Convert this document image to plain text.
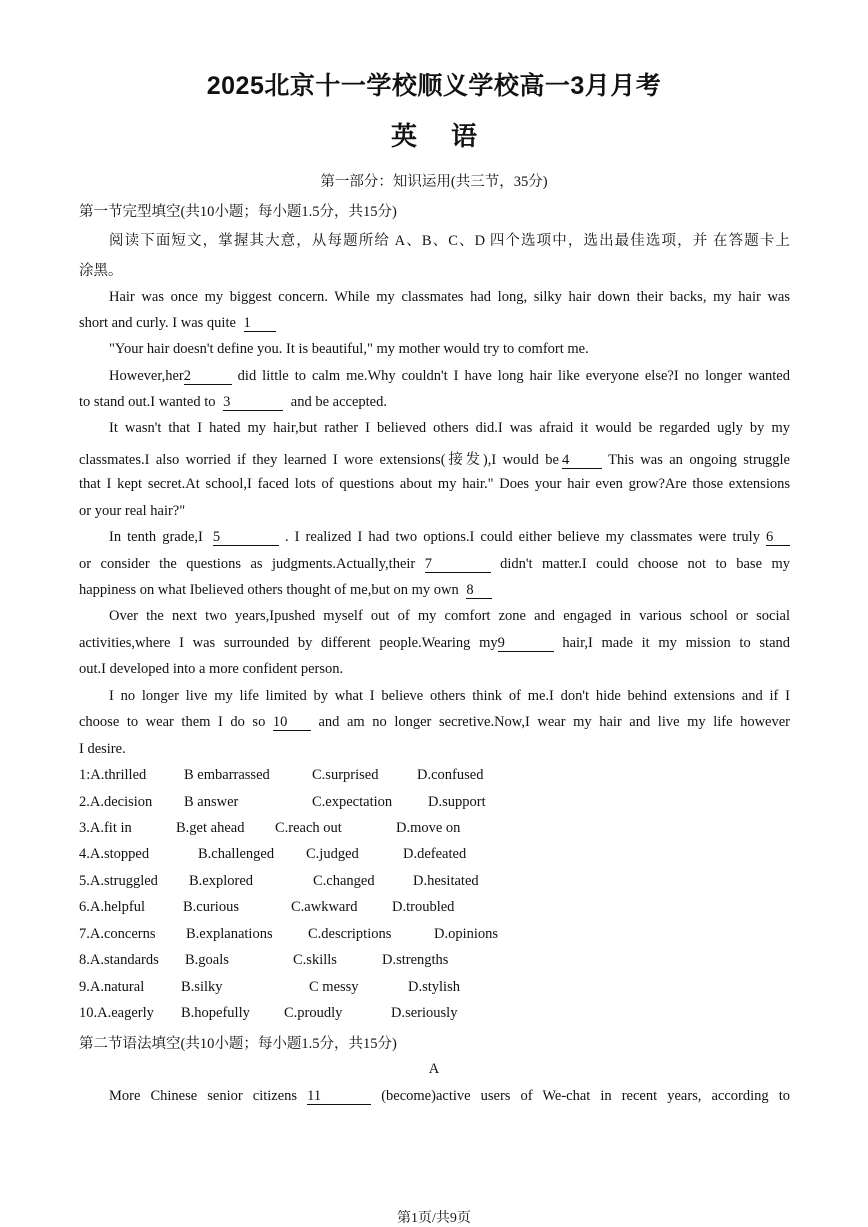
2025北京十一学校顺义学校高一3月月考
英语
第一部分：知识运用(共三节，35分)
第一节完型填空(共10小题；每小题1.5分，共15分)
阅读下面短文，掌握其大意，从每题所给 A、B、C、D 四个选项中，选出最佳选项，并 在答题卡上
涂黑。
Hair was once my biggest concern. While my classmates had long, silky hair down their backs, my hair was
short and curly. I was quite 1
"Your hair doesn't define you. It is beautiful," my mother would try to comfort me.
However,her2	did little to calm me.Why couldn't I have long hair like everyone else?I no longer wanted
to stand out.I wanted to 3	and be accepted.
It wasn't that I hated my hair,but rather I believed others did.I was afraid it would be regarded ugly by my
classmates.I also worried if they learned I wore extensions(接发),I would be 4	This was an ongoing struggle
that I kept secret.At school,I faced lots of questions about my hair." Does your hair even grow?Are those extensions
or your real hair?"
In tenth grade,I 5	. I realized I had two options.I could either believe my classmates were truly 6
or consider the questions as judgments.Actually,their 7	didn't matter.I could choose not to base my
happiness on what Ibelieved others thought of me,but on my own 8
Over the next two years,Ipushed myself out of my comfort zone and engaged in various school or social
activities,where I was surrounded by different people.Wearing my9	hair,I made it my mission to stand
out.I developed into a more confident person.
I no longer live my life limited by what I believe others think of me.I don't hide behind extensions and if I
choose to wear them I do so 10 and am no longer secretive.Now,I wear my hair and live my life however
I desire.
1:A.thrilled	B embarrassed	C.surprised	D.confused
2.A.decision B answer	C.expectation D.support
3.A.fit in	B.get ahead C.reach out	D.move on
4.A.stopped	B.challenged C.judged	D.defeated
5.A.struggled B.explored	C.changed	D.hesitated
6.A.helpful	B.curious	C.awkward D.troubled
7.A.concerns B.explanations C.descriptions	D.opinions
8.A.standards B.goals	C.skills	D.strengths
9.A.natural	B.silky	C messy	D.stylish
10.A.eagerly B.hopefully C.proudly	D.seriously
第二节语法填空(共10小题；每小题1.5分，共15分)
A
More Chinese senior citizens 11	(become)active users of We-chat in recent years, according to
第1页/共9页
